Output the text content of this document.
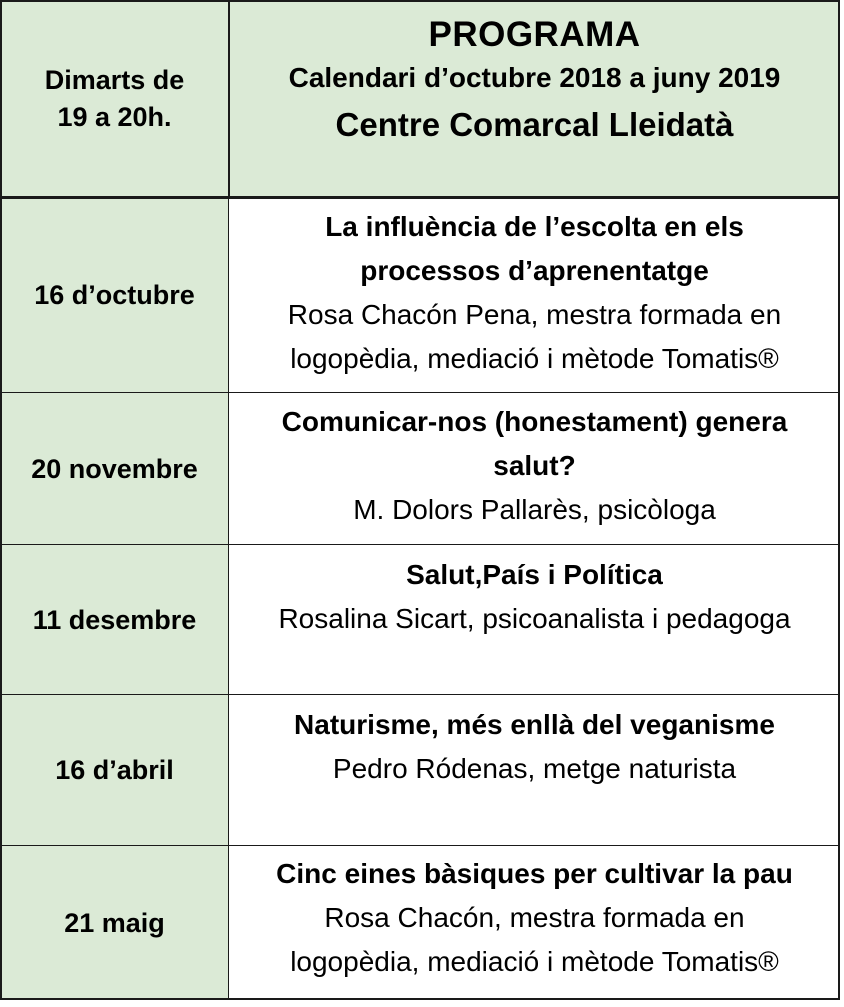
Dimarts de
19 a 20h.
PROGRAMA
Calendari d’octubre 2018 a juny 2019
Centre Comarcal Lleidatà
16 d’octubre
La influència de l’escolta en els
processos d’aprenentatge
Rosa Chacón Pena, mestra formada en
logopèdia, mediació i mètode Tomatis®
20 novembre
Comunicar-nos (honestament) genera
salut?
M. Dolors Pallarès, psicòloga
11 desembre
Salut,País i Política
Rosalina Sicart, psicoanalista i pedagoga
16 d’abril
Naturisme, més enllà del veganisme
Pedro Ródenas, metge naturista
21 maig
Cinc eines bàsiques per cultivar la pau
Rosa Chacón, mestra formada en
logopèdia, mediació i mètode Tomatis®
